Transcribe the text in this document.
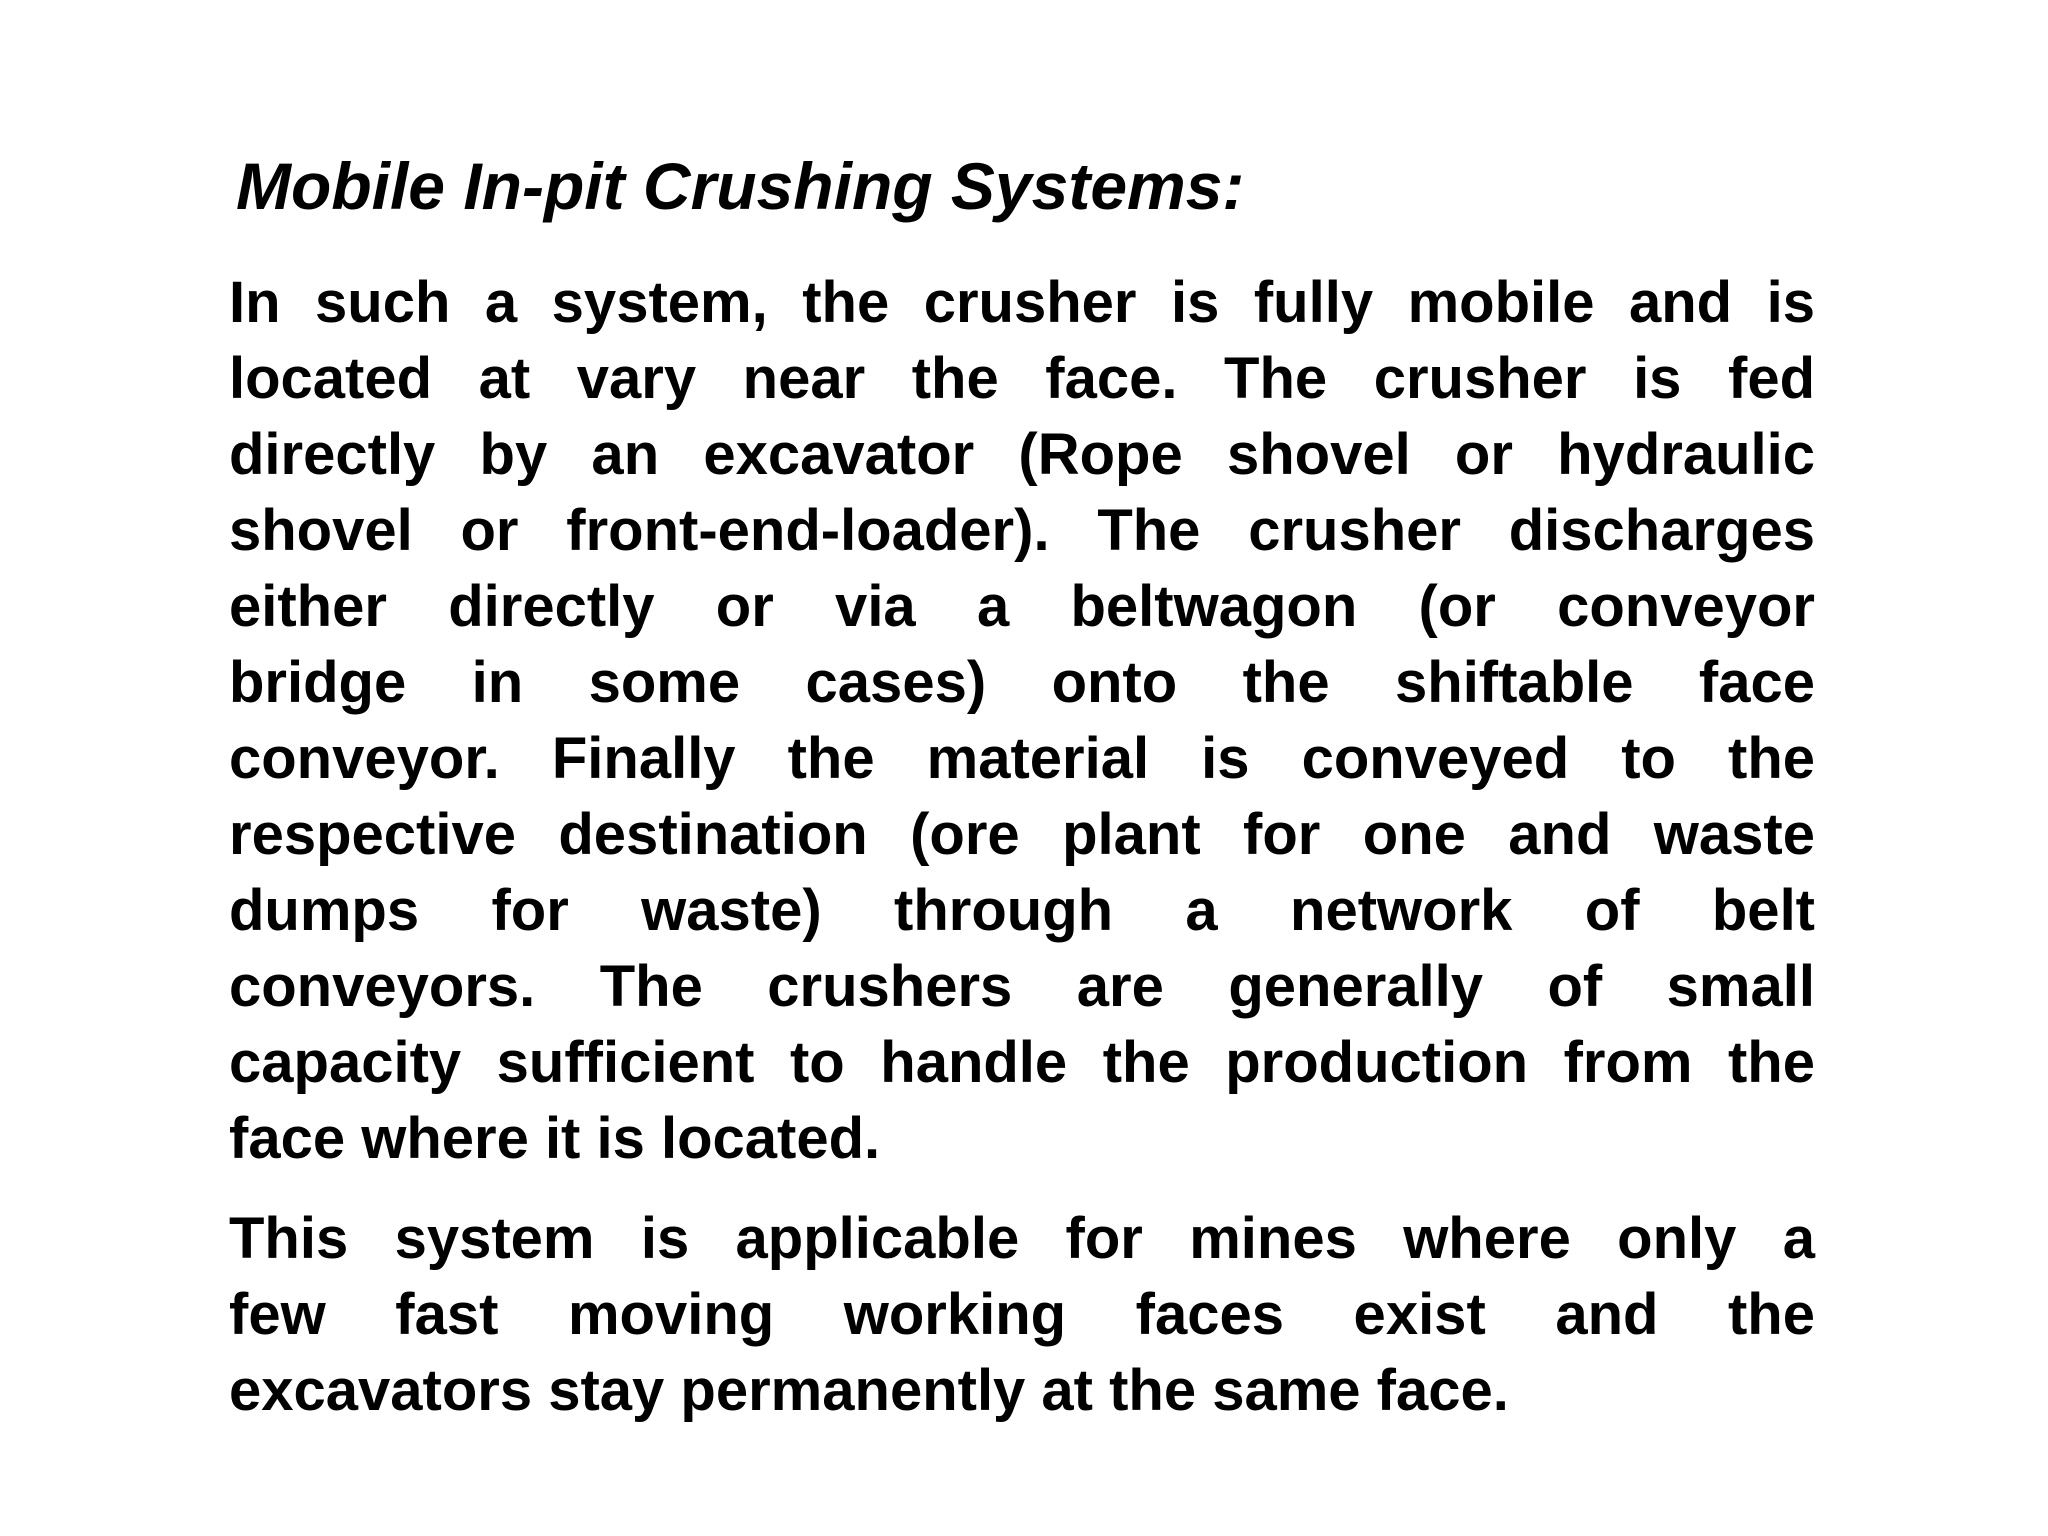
Mobile In-pit Crushing Systems:

In such a system, the crusher is fully mobile and is
located at vary near the face. The crusher is fed
directly by an excavator (Rope shovel or hydraulic
shovel or front-end-loader). The crusher discharges
either directly or via a beltwagon (or conveyor
bridge in some cases) onto the shiftable face
conveyor. Finally the material is conveyed to the
respective destination (ore plant for one and waste
dumps for waste) through a network of belt
conveyors. The crushers are generally of small
capacity sufficient to handle the production from the
face where it is located.

This system is applicable for mines where only a
few fast moving working faces exist and the
excavators stay permanently at the same face.
